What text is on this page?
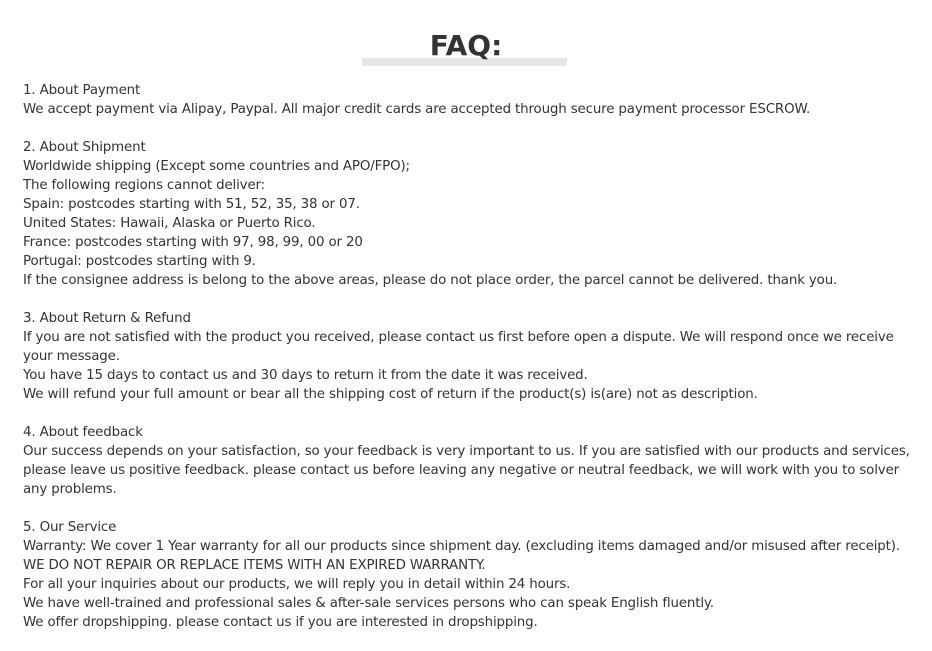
FAQ:
1. About Payment
We accept payment via Alipay, Paypal. All major credit cards are accepted through secure payment processor ESCROW.
2. About Shipment
Worldwide shipping (Except some countries and APO/FPO);
The following regions cannot deliver:
Spain: postcodes starting with 51, 52, 35, 38 or 07.
United States: Hawaii, Alaska or Puerto Rico.
France: postcodes starting with 97, 98, 99, 00 or 20
Portugal: postcodes starting with 9.
If the consignee address is belong to the above areas, please do not place order, the parcel cannot be delivered. thank you.
3. About Return & Refund
If you are not satisfied with the product you received, please contact us first before open a dispute. We will respond once we receive your message.
You have 15 days to contact us and 30 days to return it from the date it was received.
We will refund your full amount or bear all the shipping cost of return if the product(s) is(are) not as description.
4. About feedback
Our success depends on your satisfaction, so your feedback is very important to us. If you are satisfied with our products and services, please leave us positive feedback. please contact us before leaving any negative or neutral feedback, we will work with you to solver any problems.
5. Our Service
Warranty: We cover 1 Year warranty for all our products since shipment day. (excluding items damaged and/or misused after receipt).
WE DO NOT REPAIR OR REPLACE ITEMS WITH AN EXPIRED WARRANTY.
For all your inquiries about our products, we will reply you in detail within 24 hours.
We have well-trained and professional sales & after-sale services persons who can speak English fluently.
We offer dropshipping. please contact us if you are interested in dropshipping.
